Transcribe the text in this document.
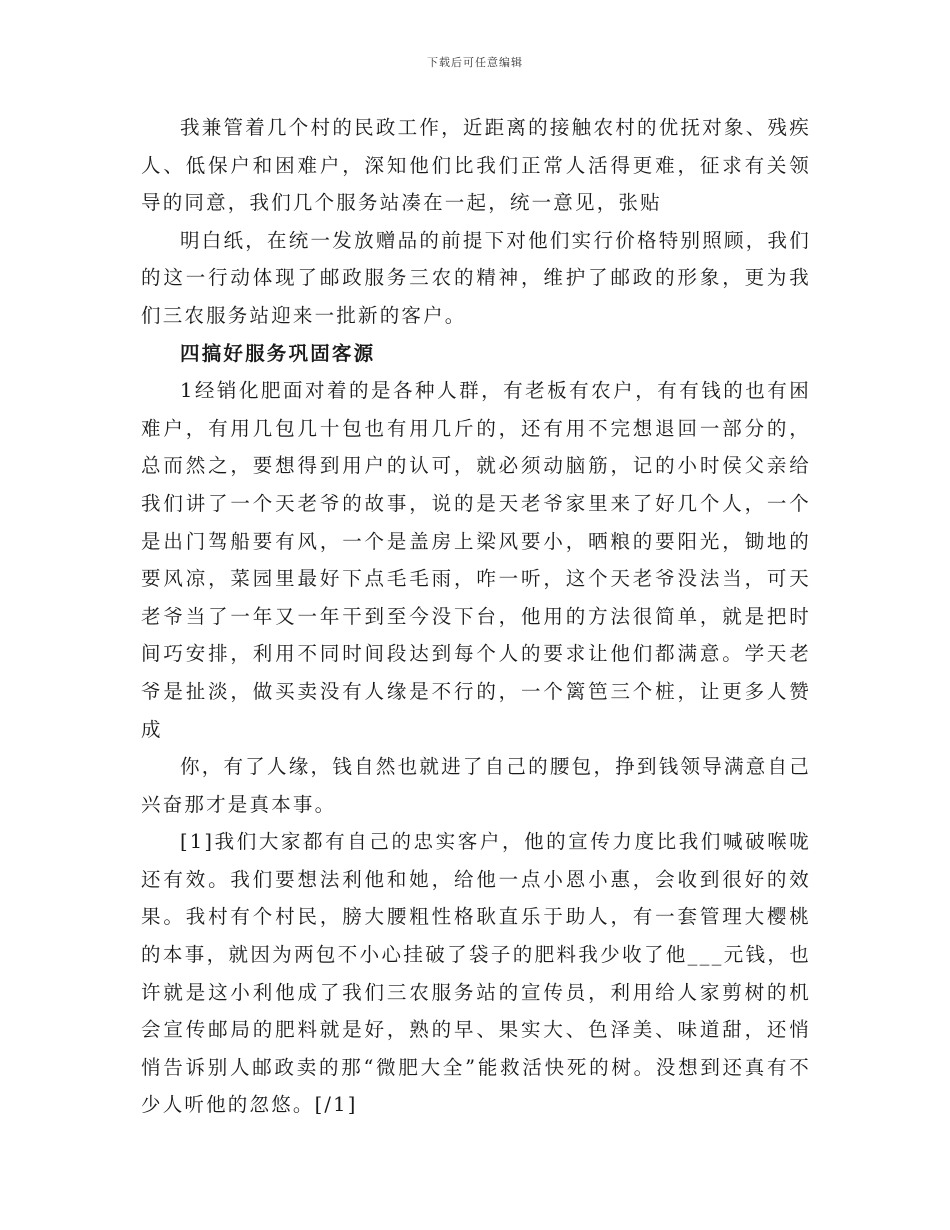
下载后可任意编辑

我兼管着几个村的民政工作，近距离的接触农村的优抚对象、残疾人、低保户和困难户，深知他们比我们正常人活得更难，征求有关领导的同意，我们几个服务站凑在一起，统一意见，张贴

明白纸，在统一发放赠品的前提下对他们实行价格特别照顾，我们的这一行动体现了邮政服务三农的精神，维护了邮政的形象，更为我们三农服务站迎来一批新的客户。

四搞好服务巩固客源

1经销化肥面对着的是各种人群，有老板有农户，有有钱的也有困难户，有用几包几十包也有用几斤的，还有用不完想退回一部分的，总而然之，要想得到用户的认可，就必须动脑筋，记的小时侯父亲给我们讲了一个天老爷的故事，说的是天老爷家里来了好几个人，一个是出门驾船要有风，一个是盖房上梁风要小，晒粮的要阳光，锄地的要风凉，菜园里最好下点毛毛雨，咋一听，这个天老爷没法当，可天老爷当了一年又一年干到至今没下台，他用的方法很简单，就是把时间巧安排，利用不同时间段达到每个人的要求让他们都满意。学天老爷是扯淡，做买卖没有人缘是不行的，一个篱笆三个桩，让更多人赞成

你，有了人缘，钱自然也就进了自己的腰包，挣到钱领导满意自己兴奋那才是真本事。

[1]我们大家都有自己的忠实客户，他的宣传力度比我们喊破喉咙还有效。我们要想法利他和她，给他一点小恩小惠，会收到很好的效果。我村有个村民，膀大腰粗性格耿直乐于助人，有一套管理大樱桃的本事，就因为两包不小心挂破了袋子的肥料我少收了他___元钱，也许就是这小利他成了我们三农服务站的宣传员，利用给人家剪树的机会宣传邮局的肥料就是好，熟的早、果实大、色泽美、味道甜，还悄悄告诉别人邮政卖的那“微肥大全”能救活快死的树。没想到还真有不少人听他的忽悠。[/1]
